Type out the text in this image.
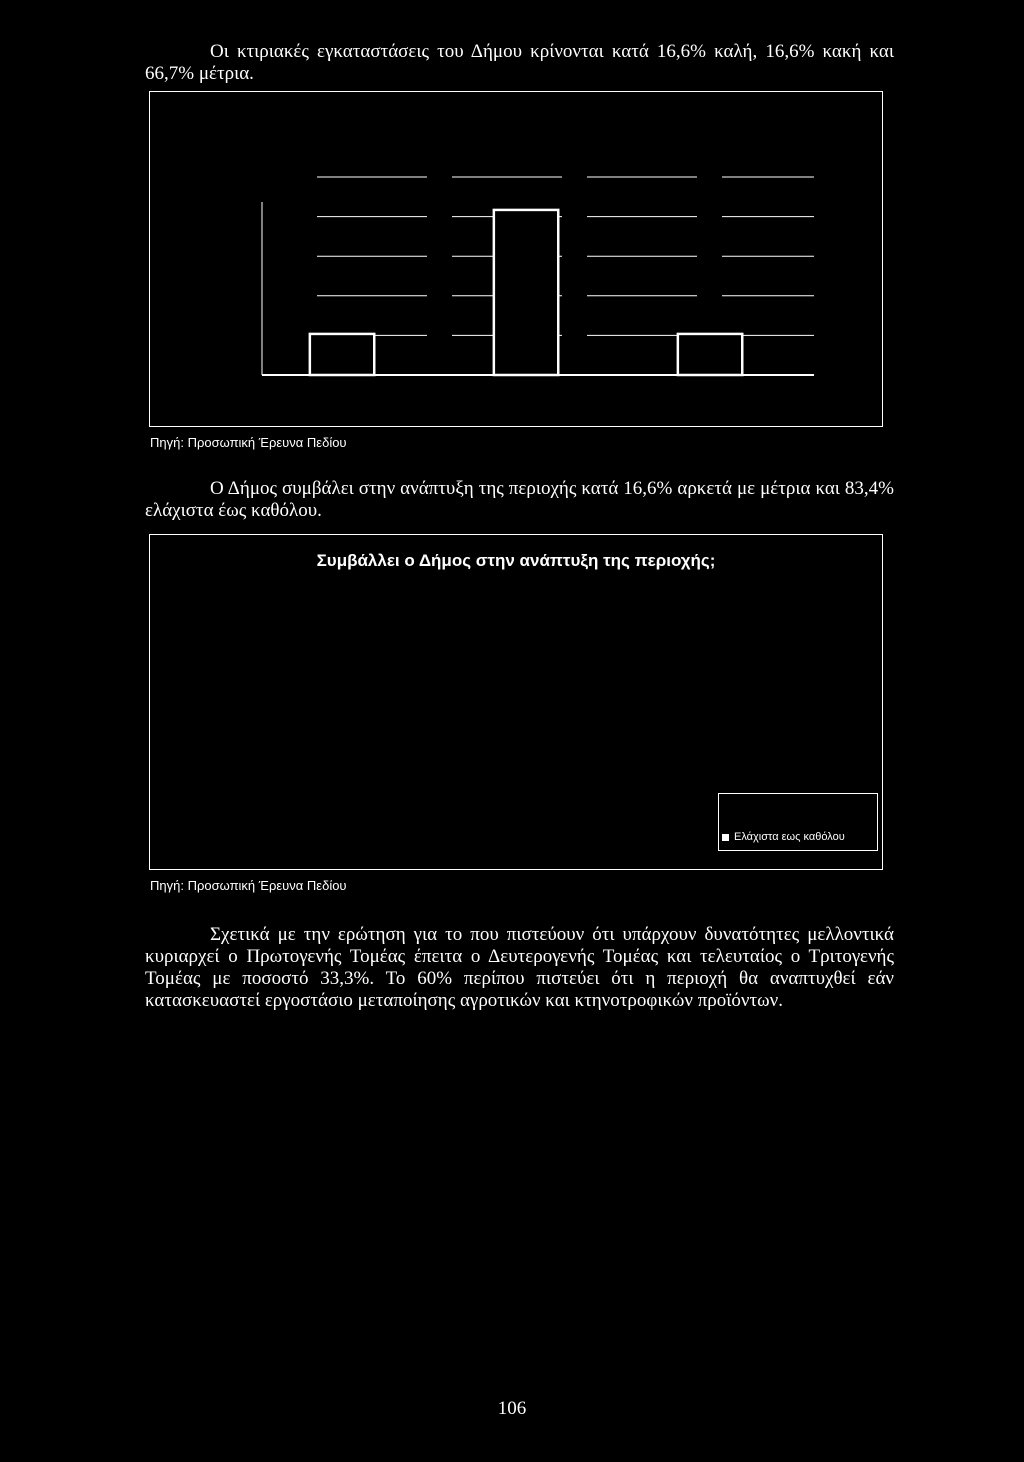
Οι κτιριακές εγκαταστάσεις του Δήμου κρίνονται κατά 16,6% καλή, 16,6% κακή και 66,7% μέτρια.

Πηγή: Προσωπική Έρευνα Πεδίου

Ο Δήμος συμβάλει στην ανάπτυξη της περιοχής κατά 16,6% αρκετά με μέτρια και 83,4% ελάχιστα έως καθόλου.

Συμβάλλει ο Δήμος στην ανάπτυξη της περιοχής;
Ελάχιστα εως καθόλου
Πηγή: Προσωπική Έρευνα Πεδίου

Σχετικά με την ερώτηση για το που πιστεύουν ότι υπάρχουν δυνατότητες μελλοντικά κυριαρχεί ο Πρωτογενής Τομέας έπειτα ο Δευτερογενής Τομέας και τελευταίος ο Τριτογενής Τομέας με ποσοστό 33,3%. Το 60% περίπου πιστεύει ότι η περιοχή θα αναπτυχθεί εάν κατασκευαστεί εργοστάσιο μεταποίησης αγροτικών και κτηνοτροφικών προϊόντων.

106
